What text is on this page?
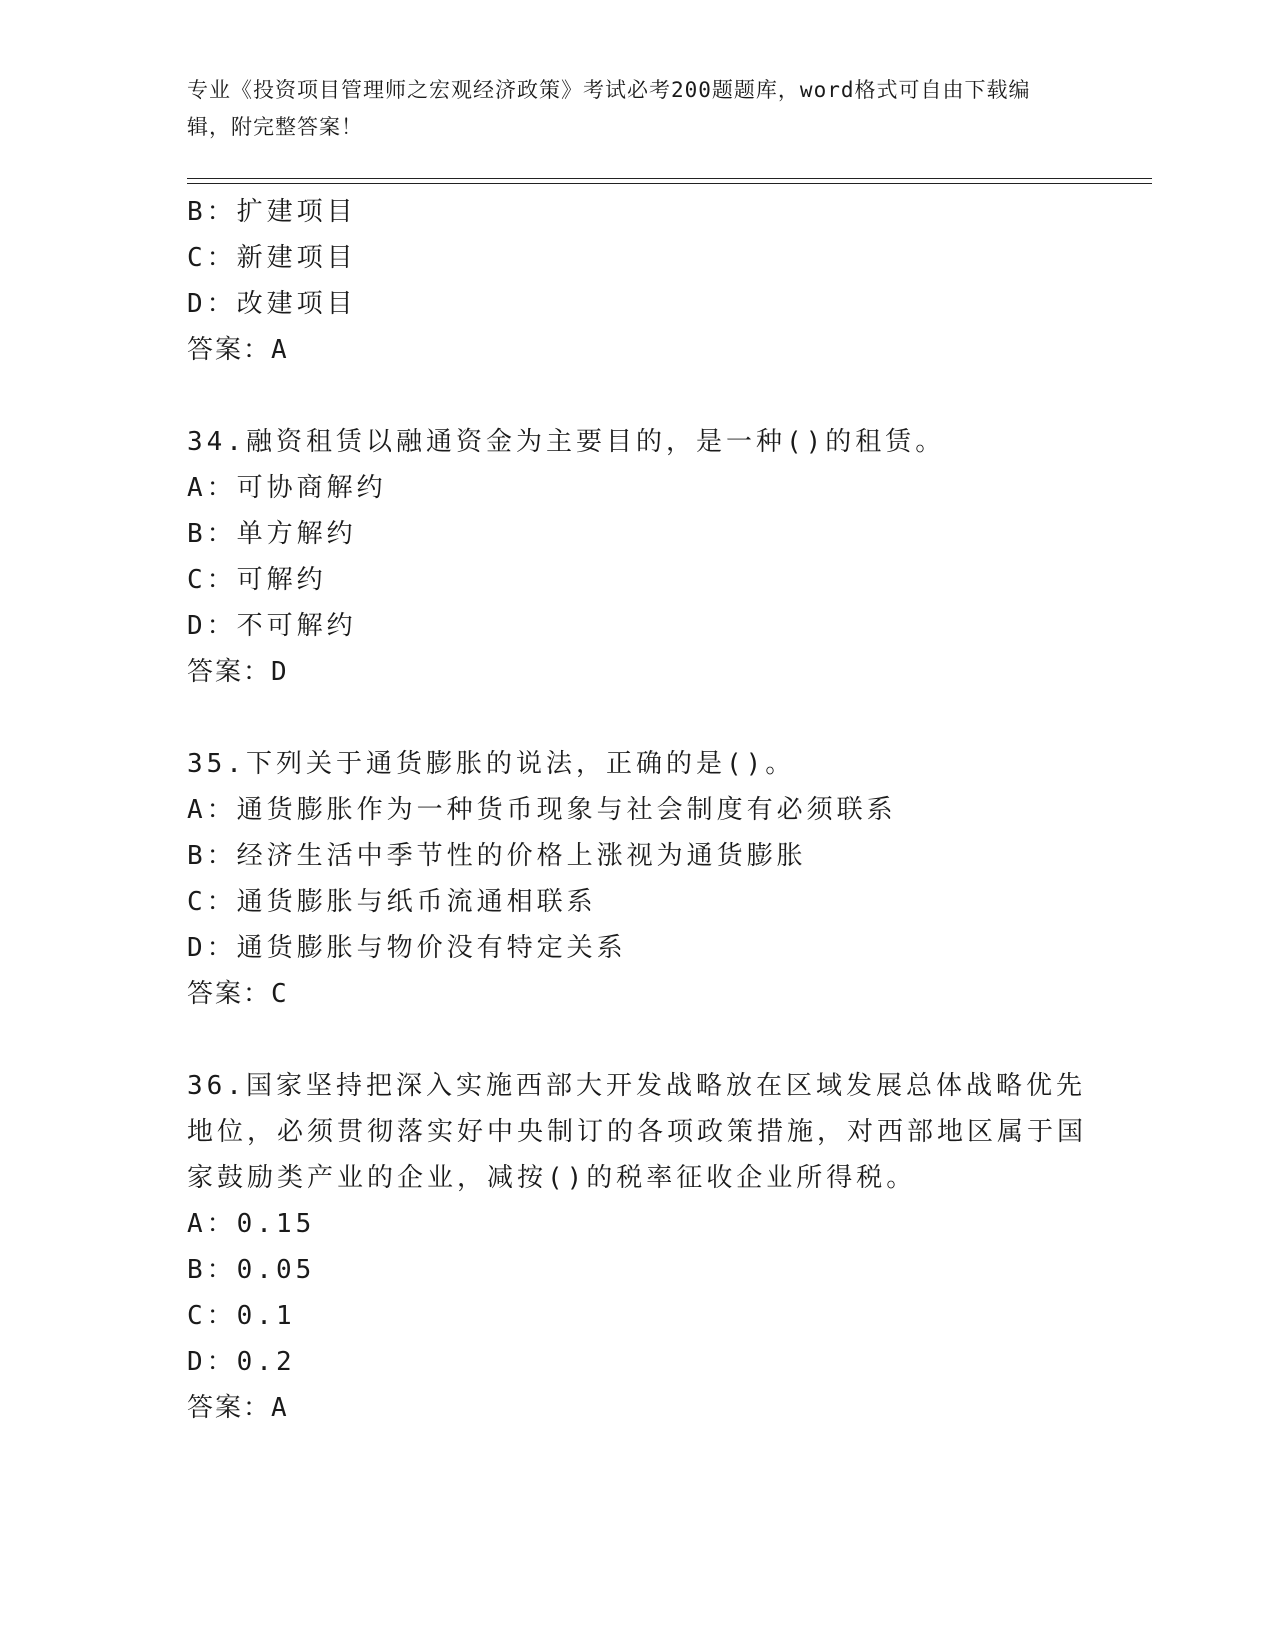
专业《投资项目管理师之宏观经济政策》考试必考200题题库，word格式可自由下载编辑，附完整答案！
B：扩建项目
C：新建项目
D：改建项目
答案：A
34.融资租赁以融通资金为主要目的，是一种()的租赁。
A：可协商解约
B：单方解约
C：可解约
D：不可解约
答案：D
35.下列关于通货膨胀的说法，正确的是()。
A：通货膨胀作为一种货币现象与社会制度有必须联系
B：经济生活中季节性的价格上涨视为通货膨胀
C：通货膨胀与纸币流通相联系
D：通货膨胀与物价没有特定关系
答案：C
36.国家坚持把深入实施西部大开发战略放在区域发展总体战略优先地位，必须贯彻落实好中央制订的各项政策措施，对西部地区属于国家鼓励类产业的企业，减按()的税率征收企业所得税。
A：0.15
B：0.05
C：0.1
D：0.2
答案：A
